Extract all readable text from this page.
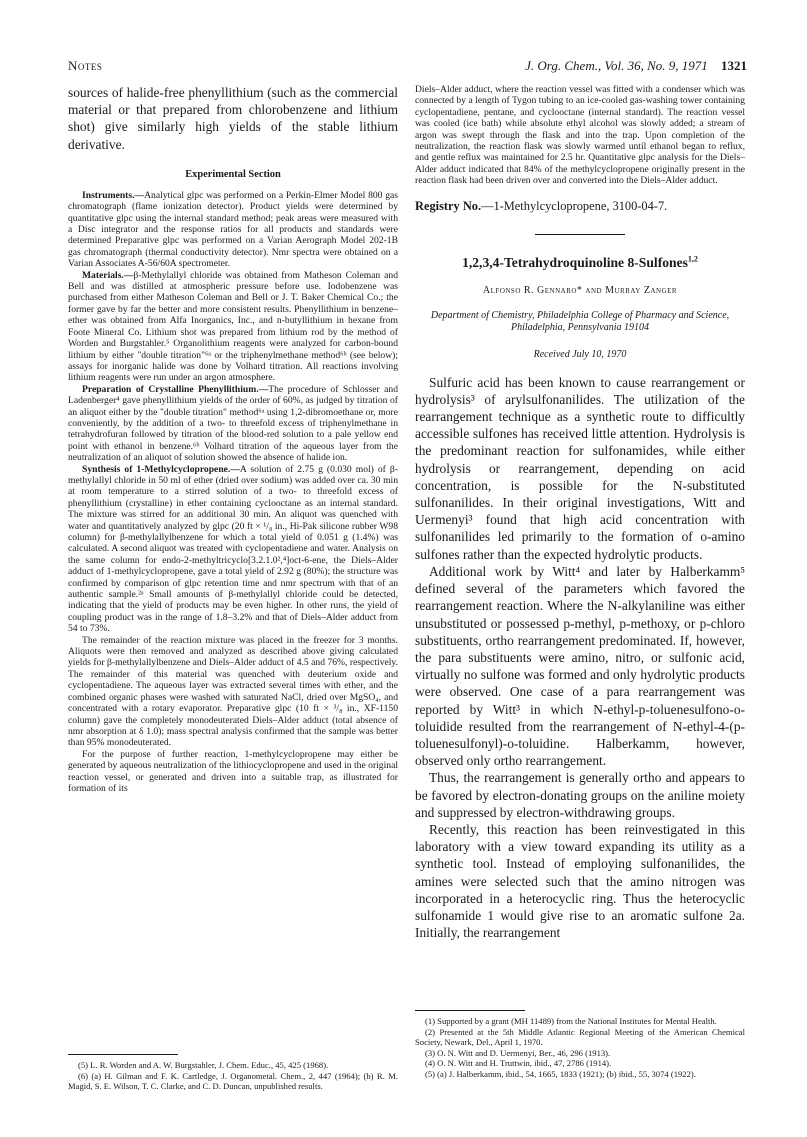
Notes	J. Org. Chem., Vol. 36, No. 9, 1971 1321

sources of halide-free phenyllithium (such as the commercial material or that prepared from chlorobenzene and lithium shot) give similarly high yields of the stable lithium derivative.

Experimental Section

Instruments.—Analytical glpc was performed on a Perkin-Elmer Model 800 gas chromatograph (flame ionization detector). Product yields were determined by quantitative glpc using the internal standard method; peak areas were measured with a Disc integrator and the response ratios for all products and standards were determined Preparative glpc was performed on a Varian Aerograph Model 202-1B gas chromatograph (thermal conductivity detector). Nmr spectra were obtained on a Varian Associates A-56/60A spectrometer.

Materials.—β-Methylallyl chloride was obtained from Matheson Coleman and Bell and was distilled at atmospheric pressure before use. Iodobenzene was purchased from either Matheson Coleman and Bell or J. T. Baker Chemical Co.; the former gave by far the better and more consistent results. Phenyllithium in benzene–ether was obtained from Alfa Inorganics, Inc., and n-butyllithium in hexane from Foote Mineral Co. Lithium shot was prepared from lithium rod by the method of Worden and Burgstahler.⁵ Organolithium reagents were analyzed for carbon-bound lithium by either "double titration"⁶ᵃ or the triphenylmethane method⁶ᵇ (see below); assays for inorganic halide was done by Volhard titration. All reactions involving lithium reagents were run under an argon atmosphere.

Preparation of Crystalline Phenyllithium.—The procedure of Schlosser and Ladenberger⁴ gave phenyllithium yields of the order of 60%, as judged by titration of an aliquot either by the "double titration" method⁶ᵃ using 1,2-dibromoethane or, more conveniently, by the addition of a two- to threefold excess of triphenylmethane in tetrahydrofuran followed by titration of the blood-red solution to a pale yellow end point with ethanol in benzene.⁶ᵇ Volhard titration of the aqueous layer from the neutralization of an aliquot of solution showed the absence of halide ion.

Synthesis of 1-Methylcyclopropene.—A solution of 2.75 g (0.030 mol) of β-methylallyl chloride in 50 ml of ether (dried over sodium) was added over ca. 30 min at room temperature to a stirred solution of a two- to threefold excess of phenyllithium (crystalline) in ether containing cyclooctane as an internal standard. The mixture was stirred for an additional 30 min. An aliquot was quenched with water and quantitatively analyzed by glpc (20 ft × ¹/₈ in., Hi-Pak silicone rubber W98 column) for β-methylallylbenzene for which a total yield of 0.051 g (1.4%) was calculated. A second aliquot was treated with cyclopentadiene and water. Analysis on the same column for endo-2-methyltricyclo[3.2.1.0²,⁴]oct-6-ene, the Diels–Alder adduct of 1-methylcyclopropene, gave a total yield of 2.92 g (80%); the structure was confirmed by comparison of glpc retention time and nmr spectrum with that of an authentic sample.²ᵃ Small amounts of β-methylallyl chloride could be detected, indicating that the yield of products may be even higher. In other runs, the yield of coupling product was in the range of 1.8–3.2% and that of Diels–Alder adduct from 54 to 73%.

The remainder of the reaction mixture was placed in the freezer for 3 months. Aliquots were then removed and analyzed as described above giving calculated yields for β-methylallylbenzene and Diels–Alder adduct of 4.5 and 76%, respectively. The remainder of this material was quenched with deuterium oxide and cyclopentadiene. The aqueous layer was extracted several times with ether, and the combined organic phases were washed with saturated NaCl, dried over MgSO₄, and concentrated with a rotary evaporator. Preparative glpc (10 ft × ³/₈ in., XF-1150 column) gave the completely monodeuterated Diels–Alder adduct (total absence of nmr absorption at δ 1.0); mass spectral analysis confirmed that the sample was better than 95% monodeuterated.

For the purpose of further reaction, 1-methylcyclopropene may either be generated by aqueous neutralization of the lithiocyclopropene and used in the original reaction vessel, or generated and driven into a suitable trap, as illustrated for formation of its

(5) L. R. Worden and A. W. Burgstahler, J. Chem. Educ., 45, 425 (1968).

(6) (a) H. Gilman and F. K. Cartledge, J. Organometal. Chem., 2, 447 (1964); (b) R. M. Magid, S. E. Wilson, T. C. Clarke, and C. D. Duncan, unpublished results.

Diels–Alder adduct, where the reaction vessel was fitted with a condenser which was connected by a length of Tygon tubing to an ice-cooled gas-washing tower containing cyclopentadiene, pentane, and cyclooctane (internal standard). The reaction vessel was cooled (ice bath) while absolute ethyl alcohol was slowly added; a stream of argon was swept through the flask and into the trap. Upon completion of the neutralization, the reaction flask was slowly warmed until ethanol began to reflux, and gentle reflux was maintained for 2.5 hr. Quantitative glpc analysis for the Diels–Alder adduct indicated that 84% of the methylcyclopropene originally present in the reaction flask had been driven over and converted into the Diels–Alder adduct.

Registry No.—1-Methylcyclopropene, 3100-04-7.

1,2,3,4-Tetrahydroquinoline 8-Sulfones$^{1,2}$
Alfonso R. Gennaro* and Murray Zanger
Department of Chemistry, Philadelphia College of Pharmacy and Science, Philadelphia, Pennsylvania 19104
Received July 10, 1970

Sulfuric acid has been known to cause rearrangement or hydrolysis³ of arylsulfonanilides. The utilization of the rearrangement technique as a synthetic route to difficultly accessible sulfones has received little attention. Hydrolysis is the predominant reaction for sulfonamides, while either hydrolysis or rearrangement, depending on acid concentration, is possible for the N-substituted sulfonanilides. In their original investigations, Witt and Uermenyi³ found that high acid concentration with sulfonanilides led primarily to the formation of o-amino sulfones rather than the expected hydrolytic products.

Additional work by Witt⁴ and later by Halberkamm⁵ defined several of the parameters which favored the rearrangement reaction. Where the N-alkylaniline was either unsubstituted or possessed p-methyl, p-methoxy, or p-chloro substituents, ortho rearrangement predominated. If, however, the para substituents were amino, nitro, or sulfonic acid, virtually no sulfone was formed and only hydrolytic products were observed. One case of a para rearrangement was reported by Witt³ in which N-ethyl-p-toluenesulfono-o-toluidide resulted from the rearrangement of N-ethyl-4-(p-toluenesulfonyl)-o-toluidine. Halberkamm, however, observed only ortho rearrangement.

Thus, the rearrangement is generally ortho and appears to be favored by electron-donating groups on the aniline moiety and suppressed by electron-withdrawing groups.

Recently, this reaction has been reinvestigated in this laboratory with a view toward expanding its utility as a synthetic tool. Instead of employing sulfonanilides, the amines were selected such that the amino nitrogen was incorporated in a heterocyclic ring. Thus the heterocyclic sulfonamide 1 would give rise to an aromatic sulfone 2a. Initially, the rearrangement

(1) Supported by a grant (MH 11489) from the National Institutes for Mental Health.

(2) Presented at the 5th Middle Atlantic Regional Meeting of the American Chemical Society, Newark, Del., April 1, 1970.

(3) O. N. Witt and D. Uermenyi, Ber., 46, 296 (1913).

(4) O. N. Witt and H. Truttwin, ibid., 47, 2786 (1914).

(5) (a) J. Halberkamm, ibid., 54, 1665, 1833 (1921); (b) ibid., 55, 3074 (1922).
